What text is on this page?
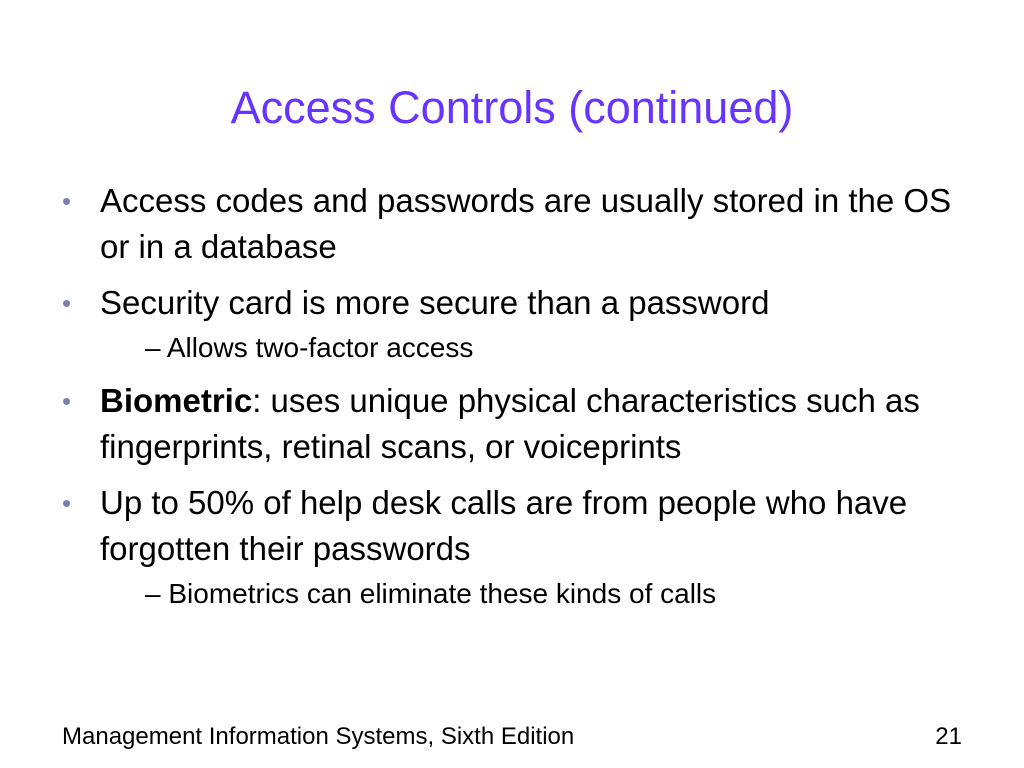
Access Controls (continued)
• Access codes and passwords are usually stored in the OS or in a database
• Security card is more secure than a password
– Allows two-factor access
• Biometric: uses unique physical characteristics such as fingerprints, retinal scans, or voiceprints
• Up to 50% of help desk calls are from people who have forgotten their passwords
– Biometrics can eliminate these kinds of calls
Management Information Systems, Sixth Edition	21
